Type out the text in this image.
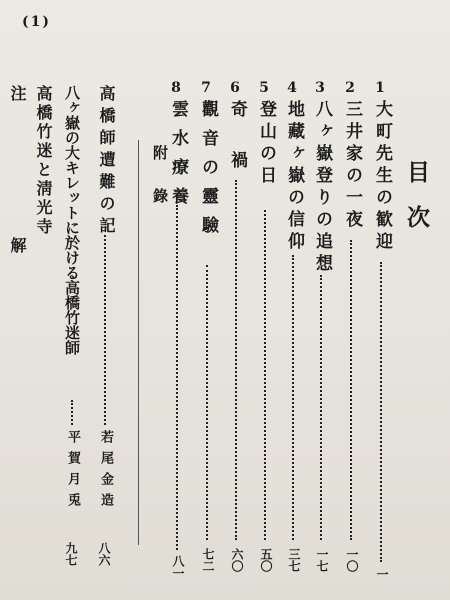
(1)
目次
1
大町先生の歓迎
一
2
三井家の一夜
一〇
3
八ヶ嶽登りの追想
一七
4
地藏ヶ嶽の信仰
三七
5
登山の日
五〇
6
奇禍
六〇
7
觀音の靈驗
七二
8
雲水療養
八一
附錄
高橋師遭難の記
若尾金造
八六
八ヶ嶽の大キレットに於ける高橋竹迷師
平賀月兎
九七
高橋竹迷と淸光寺
注解
